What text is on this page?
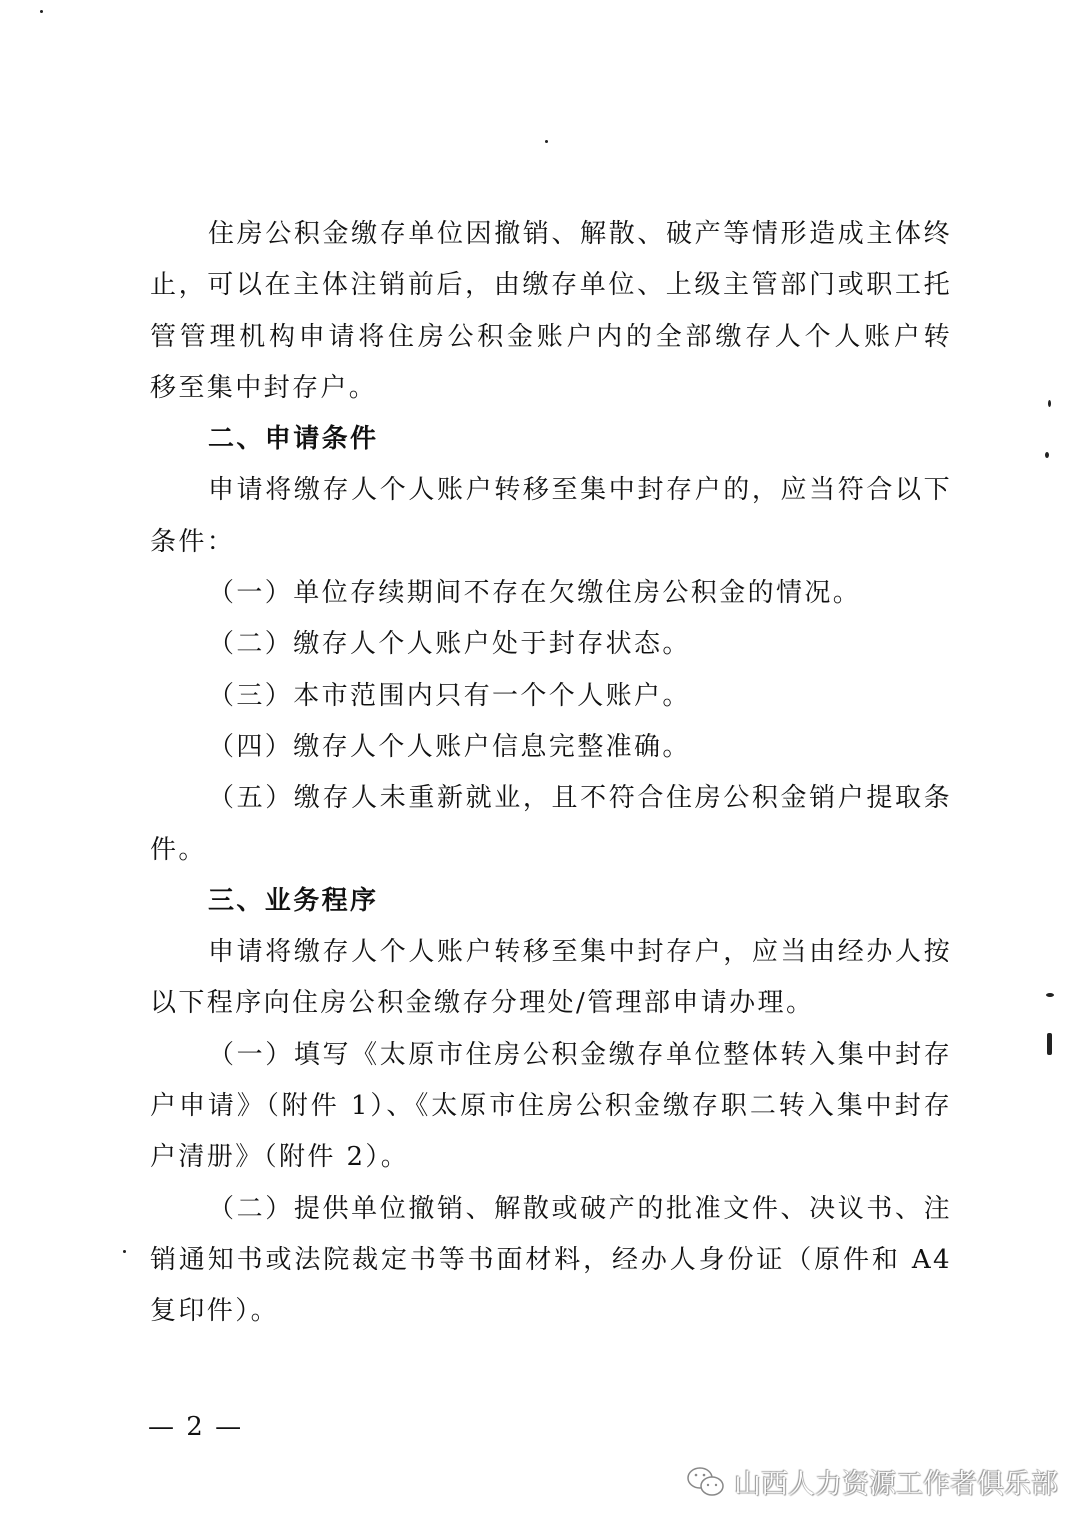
住房公积金缴存单位因撤销、解散、破产等情形造成主体终
止，可以在主体注销前后，由缴存单位、上级主管部门或职工托
管管理机构申请将住房公积金账户内的全部缴存人个人账户转
移至集中封存户。
二、申请条件
申请将缴存人个人账户转移至集中封存户的，应当符合以下
条件：
（一）单位存续期间不存在欠缴住房公积金的情况。
（二）缴存人个人账户处于封存状态。
（三）本市范围内只有一个个人账户。
（四）缴存人个人账户信息完整准确。
（五）缴存人未重新就业，且不符合住房公积金销户提取条
件。
三、业务程序
申请将缴存人个人账户转移至集中封存户，应当由经办人按
以下程序向住房公积金缴存分理处/管理部申请办理。
（一）填写《太原市住房公积金缴存单位整体转入集中封存
户申请》（附件 1）、《太原市住房公积金缴存职二转入集中封存
户清册》（附件 2）。
（二）提供单位撤销、解散或破产的批准文件、决议书、注
销通知书或法院裁定书等书面材料，经办人身份证（原件和 A4
复印件）。
— 2 —
山西人力资源工作者俱乐部
